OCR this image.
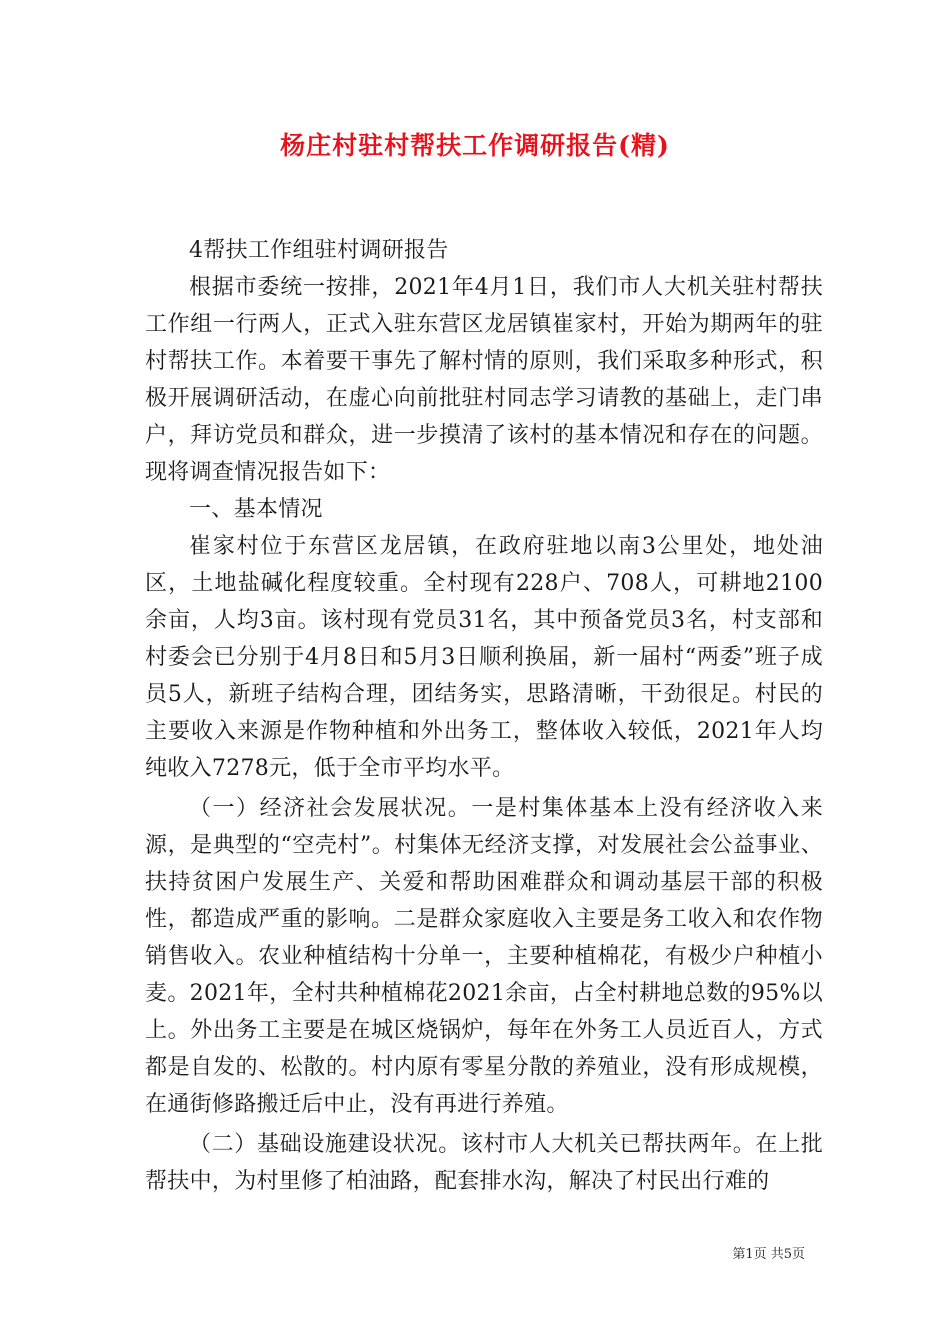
杨庄村驻村帮扶工作调研报告(精)

4帮扶工作组驻村调研报告

根据市委统一按排，2021年4月1日，我们市人大机关驻村帮扶工作组一行两人，正式入驻东营区龙居镇崔家村，开始为期两年的驻村帮扶工作。本着要干事先了解村情的原则，我们采取多种形式，积极开展调研活动，在虚心向前批驻村同志学习请教的基础上，走门串户，拜访党员和群众，进一步摸清了该村的基本情况和存在的问题。现将调查情况报告如下：

一、基本情况

崔家村位于东营区龙居镇，在政府驻地以南3公里处，地处油区，土地盐碱化程度较重。全村现有228户、708人，可耕地2100余亩，人均3亩。该村现有党员31名，其中预备党员3名，村支部和村委会已分别于4月8日和5月3日顺利换届，新一届村“两委”班子成员5人，新班子结构合理，团结务实，思路清晰，干劲很足。村民的主要收入来源是作物种植和外出务工，整体收入较低，2021年人均纯收入7278元，低于全市平均水平。

（一）经济社会发展状况。一是村集体基本上没有经济收入来源，是典型的“空壳村”。村集体无经济支撑，对发展社会公益事业、扶持贫困户发展生产、关爱和帮助困难群众和调动基层干部的积极性，都造成严重的影响。二是群众家庭收入主要是务工收入和农作物销售收入。农业种植结构十分单一，主要种植棉花，有极少户种植小麦。2021年，全村共种植棉花2021余亩，占全村耕地总数的95%以上。外出务工主要是在城区烧锅炉，每年在外务工人员近百人，方式都是自发的、松散的。村内原有零星分散的养殖业，没有形成规模，在通街修路搬迁后中止，没有再进行养殖。

（二）基础设施建设状况。该村市人大机关已帮扶两年。在上批帮扶中，为村里修了柏油路，配套排水沟，解决了村民出行难的

第1页 共5页
